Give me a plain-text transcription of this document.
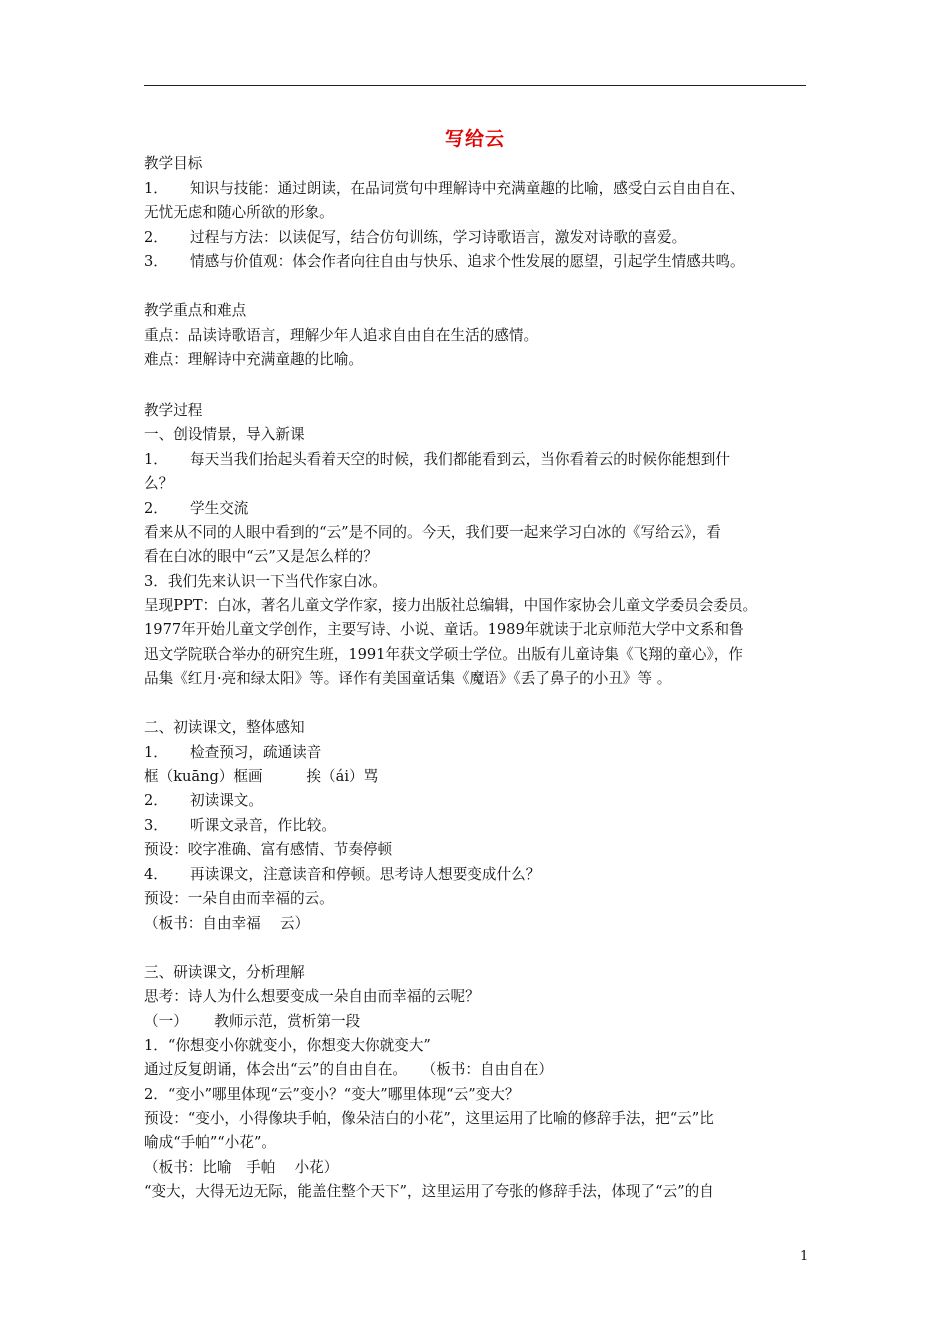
写给云
教学目标
1． 知识与技能：通过朗读，在品词赏句中理解诗中充满童趣的比喻，感受白云自由自在、
无忧无虑和随心所欲的形象。
2． 过程与方法：以读促写，结合仿句训练，学习诗歌语言，激发对诗歌的喜爱。
3． 情感与价值观：体会作者向往自由与快乐、追求个性发展的愿望，引起学生情感共鸣。
教学重点和难点
重点：品读诗歌语言，理解少年人追求自由自在生活的感情。
难点：理解诗中充满童趣的比喻。
教学过程
一、创设情景，导入新课
1． 每天当我们抬起头看着天空的时候，我们都能看到云，当你看着云的时候你能想到什
么？
2． 学生交流
看来从不同的人眼中看到的“云”是不同的。今天，我们要一起来学习白冰的《写给云》，看
看在白冰的眼中“云”又是怎么样的？
3．我们先来认识一下当代作家白冰。
呈现PPT：白冰，著名儿童文学作家，接力出版社总编辑，中国作家协会儿童文学委员会委员。
1977年开始儿童文学创作，主要写诗、小说、童话。1989年就读于北京师范大学中文系和鲁
迅文学院联合举办的研究生班，1991年获文学硕士学位。出版有儿童诗集《飞翔的童心》，作
品集《红月·亮和绿太阳》等。译作有美国童话集《魔语》《丢了鼻子的小丑》等 。
二、初读课文，整体感知
1． 检查预习，疏通读音
框（kuāng）框画　　　挨（ái）骂
2． 初读课文。
3． 听课文录音，作比较。
预设：咬字准确、富有感情、节奏停顿
4． 再读课文，注意读音和停顿。思考诗人想要变成什么？
预设：一朵自由而幸福的云。
（板书：自由幸福　 云）
三、研读课文，分析理解
思考：诗人为什么想要变成一朵自由而幸福的云呢？
（一）　　 教师示范，赏析第一段
1．“你想变小你就变小，你想变大你就变大”
通过反复朗诵，体会出“云”的自由自在。　　（板书：自由自在）
2．“变小”哪里体现“云”变小？“变大”哪里体现“云”变大？
预设：“变小，小得像块手帕，像朵洁白的小花”，这里运用了比喻的修辞手法，把“云”比
喻成“手帕”“小花”。
（板书：比喻　手帕　 小花）
“变大，大得无边无际，能盖住整个天下”，这里运用了夸张的修辞手法，体现了“云”的自
1
